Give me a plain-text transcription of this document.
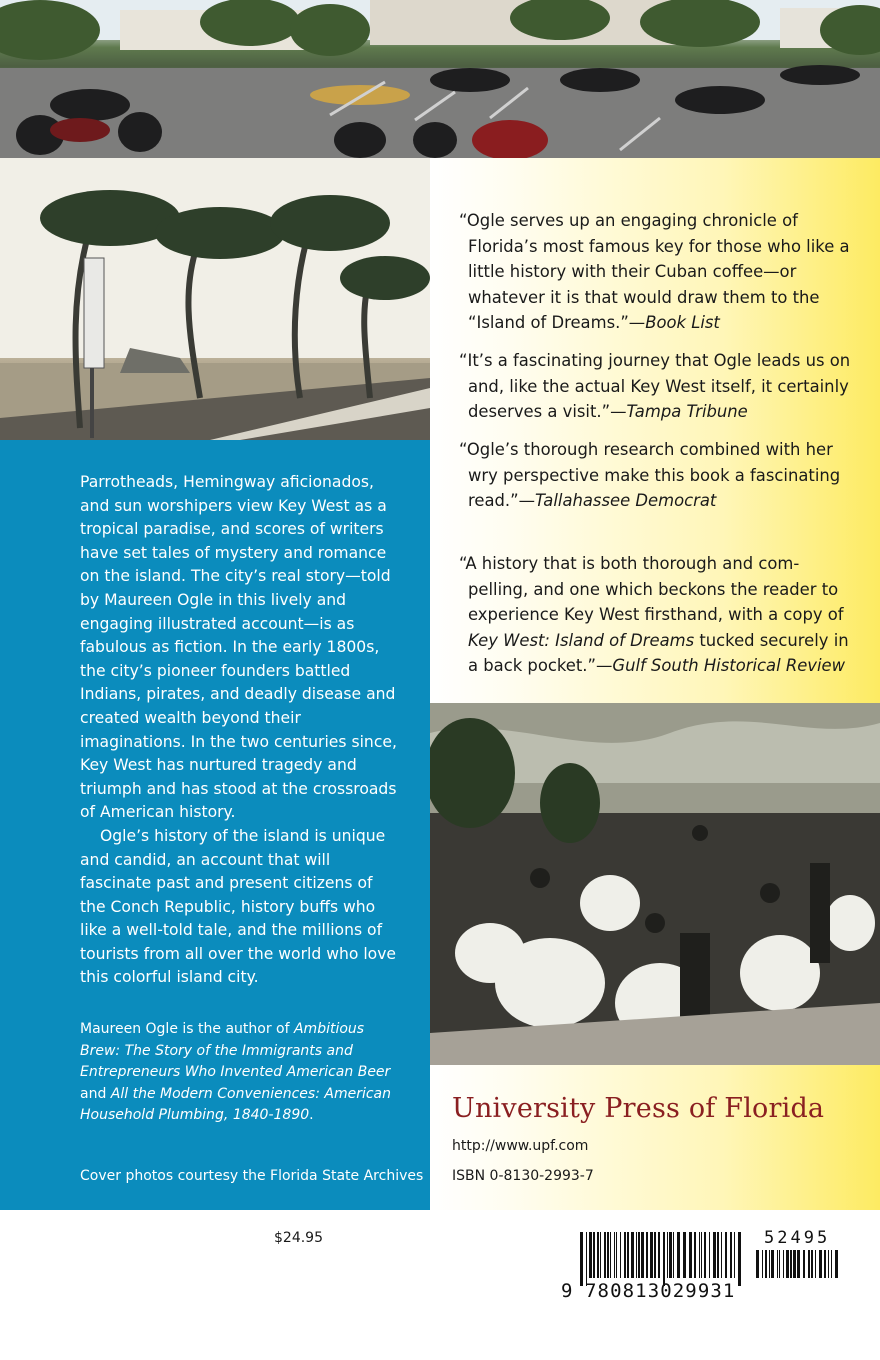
Parrotheads, Hemingway aficionados, and sun worshipers view Key West as a tropical paradise, and scores of writers have set tales of mystery and romance on the island. The city’s real story—told by Maureen Ogle in this lively and engaging illustrated account—is as fabulous as fiction. In the early 1800s, the city’s pioneer founders battled Indians, pirates, and deadly disease and created wealth beyond their imaginations. In the two centuries since, Key West has nurtured tragedy and triumph and has stood at the crossroads of American history.

Ogle’s history of the island is unique and candid, an account that will fascinate past and present citizens of the Conch Republic, history buffs who like a well-told tale, and the millions of tourists from all over the world who love this colorful island city.

Maureen Ogle is the author of Ambitious Brew: The Story of the Immigrants and Entrepreneurs Who Invented American Beer and All the Modern Conveniences: American Household Plumbing, 1840-1890.
Cover photos courtesy the Florida State Archives
“Ogle serves up an engaging chronicle of Florida’s most famous key for those who like a little history with their Cuban coffee—or whatever it is that would draw them to the “Island of Dreams.”—Book List
“It’s a fascinating journey that Ogle leads us on and, like the actual Key West itself, it certainly deserves a visit.”—Tampa Tribune
“Ogle’s thorough research combined with her wry perspective make this book a fascinating read.”—Tallahassee Democrat
“A history that is both thorough and com-pelling, and one which beckons the reader to experience Key West firsthand, with a copy of Key West: Island of Dreams tucked securely in a back pocket.”—Gulf South Historical Review
University Press of Florida
http://www.upf.com
ISBN 0-8130-2993-7
$24.95
9 780813029931
52495
